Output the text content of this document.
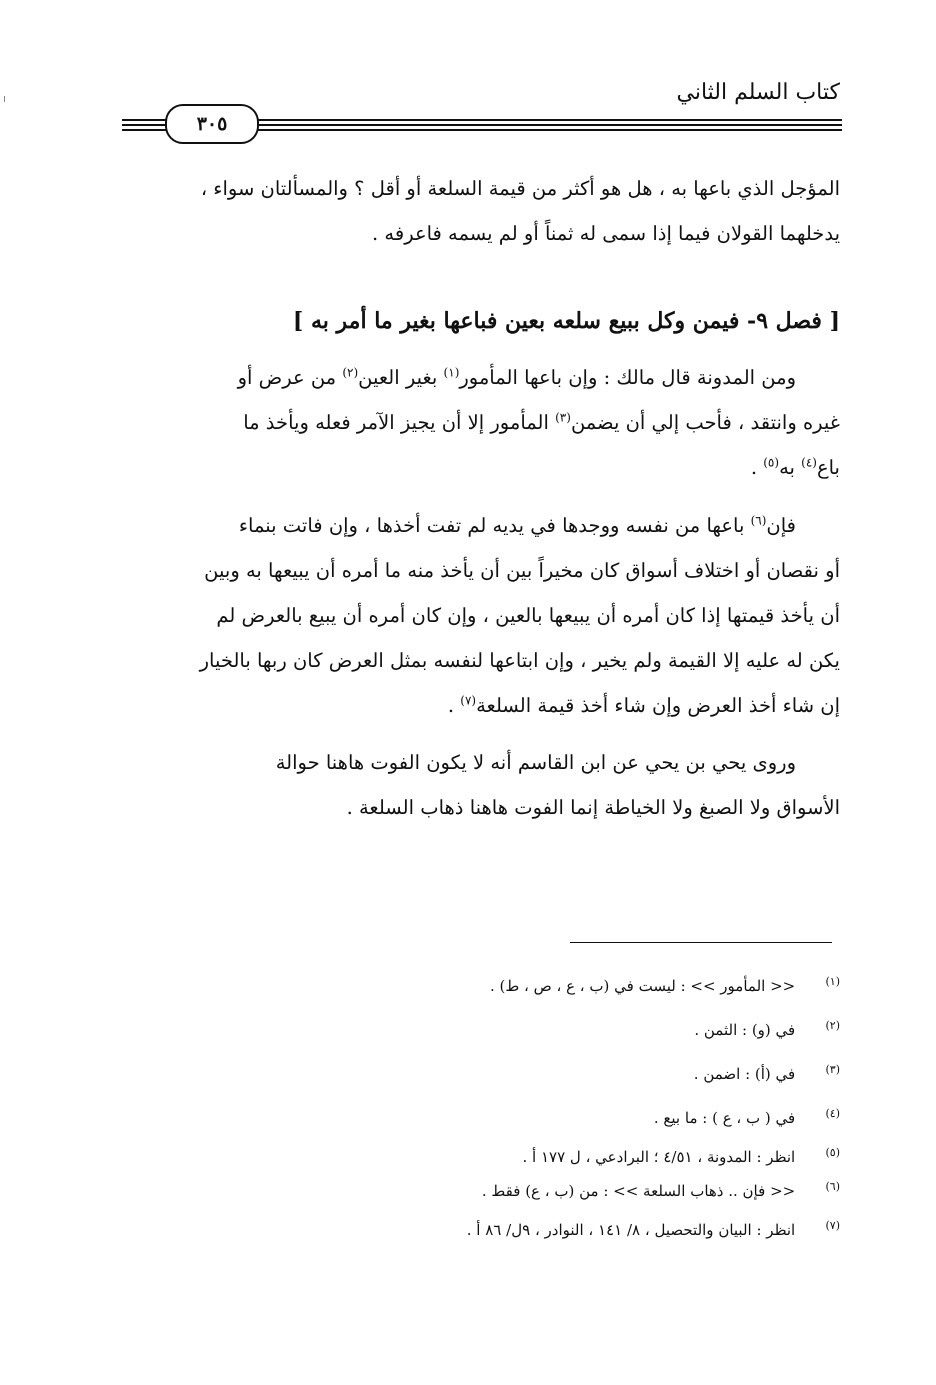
كتاب السلم الثاني
٣٠٥
المؤجل الذي باعها به ، هل هو أكثر من قيمة السلعة أو أقل ؟ والمسألتان سواء ،
يدخلهما القولان فيما إذا سمى له ثمناً أو لم يسمه فاعرفه .
[ فصل ٩- فيمن وكل ببيع سلعه بعين فباعها بغير ما أمر به ]
ومن المدونة قال مالك : وإن باعها المأمور$^{(١)}$ بغير العين$^{(٢)}$ من عرض أو
غيره وانتقد ، فأحب إلي أن يضمن$^{(٣)}$ المأمور إلا أن يجيز الآمر فعله ويأخذ ما
باع$^{(٤)}$ به$^{(٥)}$ .
فإن$^{(٦)}$ باعها من نفسه ووجدها في يديه لم تفت أخذها ، وإن فاتت بنماء
أو نقصان أو اختلاف أسواق كان مخيراً بين أن يأخذ منه ما أمره أن يبيعها به وبين
أن يأخذ قيمتها إذا كان أمره أن يبيعها بالعين ، وإن كان أمره أن يبيع بالعرض لم
يكن له عليه إلا القيمة ولم يخير ، وإن ابتاعها لنفسه بمثل العرض كان ربها بالخيار
إن شاء أخذ العرض وإن شاء أخذ قيمة السلعة$^{(٧)}$ .
وروى يحي بن يحي عن ابن القاسم أنه لا يكون الفوت هاهنا حوالة
الأسواق ولا الصبغ ولا الخياطة إنما الفوت هاهنا ذهاب السلعة .
(١) << المأمور >> : ليست في (ب ، ع ، ص ، ط) .
(٢) في (و) : الثمن .
(٣) في (أ) : اضمن .
(٤) في ( ب ، ع ) : ما بيع .
(٥) انظر : المدونة ، ٤/٥١ ؛ البرادعي ، ل ١٧٧ أ .
(٦) << فإن .. ذهاب السلعة >> : من (ب ، ع) فقط .
(٧) انظر : البيان والتحصيل ، ٨/ ١٤١ ، النوادر ، ٩ل/ ٨٦ أ .
